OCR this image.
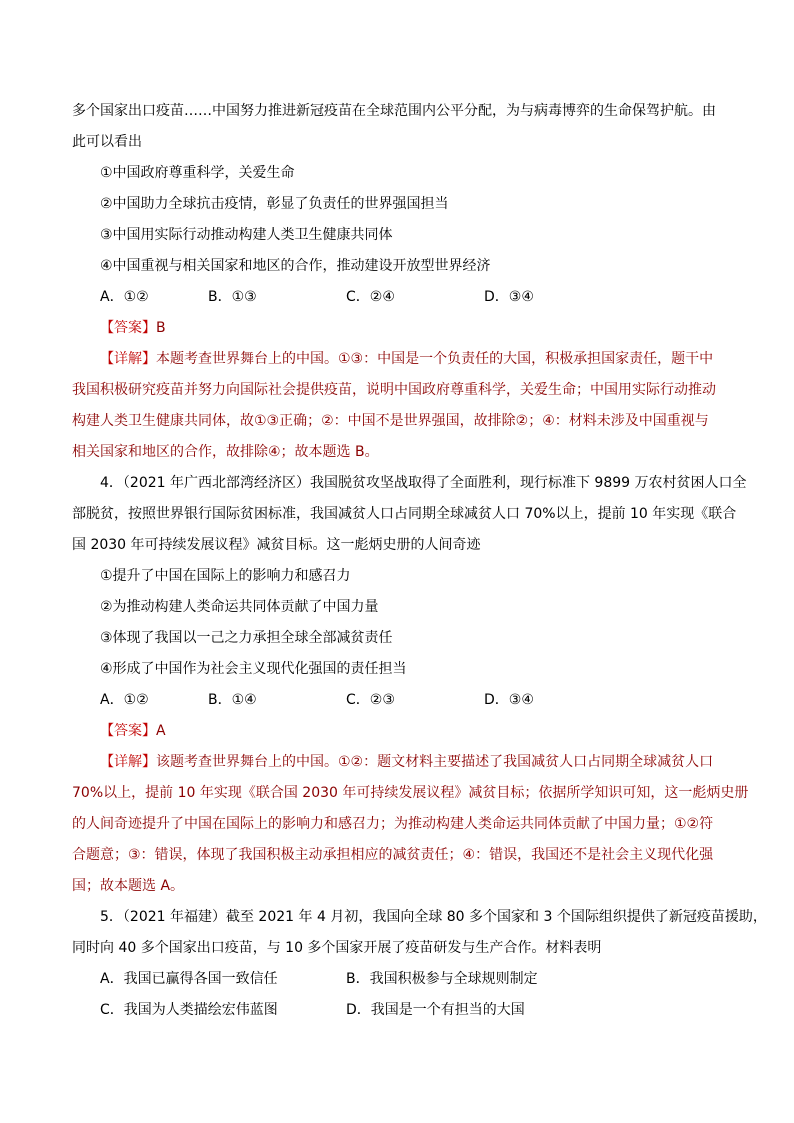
多个国家出口疫苗……中国努力推进新冠疫苗在全球范围内公平分配，为与病毒博弈的生命保驾护航。由
此可以看出
①中国政府尊重科学，关爱生命
②中国助力全球抗击疫情，彰显了负责任的世界强国担当
③中国用实际行动推动构建人类卫生健康共同体
④中国重视与相关国家和地区的合作，推动建设开放型世界经济
A．①②	B．①③	C．②④	D．③④
【答案】B
【详解】本题考查世界舞台上的中国。①③：中国是一个负责任的大国，积极承担国家责任，题干中
我国积极研究疫苗并努力向国际社会提供疫苗，说明中国政府尊重科学，关爱生命；中国用实际行动推动
构建人类卫生健康共同体，故①③正确；②：中国不是世界强国，故排除②；④：材料未涉及中国重视与
相关国家和地区的合作，故排除④；故本题选 B。
4．（2021 年广西北部湾经济区）我国脱贫攻坚战取得了全面胜利，现行标准下 9899 万农村贫困人口全
部脱贫，按照世界银行国际贫困标准，我国减贫人口占同期全球减贫人口 70%以上，提前 10 年实现《联合
国 2030 年可持续发展议程》减贫目标。这一彪炳史册的人间奇迹
①提升了中国在国际上的影响力和感召力
②为推动构建人类命运共同体贡献了中国力量
③体现了我国以一己之力承担全球全部减贫责任
④形成了中国作为社会主义现代化强国的责任担当
A．①②	B．①④	C．②③	D．③④
【答案】A
【详解】该题考查世界舞台上的中国。①②：题文材料主要描述了我国减贫人口占同期全球减贫人口
70%以上，提前 10 年实现《联合国 2030 年可持续发展议程》减贫目标；依据所学知识可知，这一彪炳史册
的人间奇迹提升了中国在国际上的影响力和感召力；为推动构建人类命运共同体贡献了中国力量；①②符
合题意；③：错误，体现了我国积极主动承担相应的减贫责任；④：错误，我国还不是社会主义现代化强
国；故本题选 A。
5．（2021 年福建）截至 2021 年 4 月初，我国向全球 80 多个国家和 3 个国际组织提供了新冠疫苗援助，
同时向 40 多个国家出口疫苗，与 10 多个国家开展了疫苗研发与生产合作。材料表明
A．我国已赢得各国一致信任	B．我国积极参与全球规则制定
C．我国为人类描绘宏伟蓝图	D．我国是一个有担当的大国
